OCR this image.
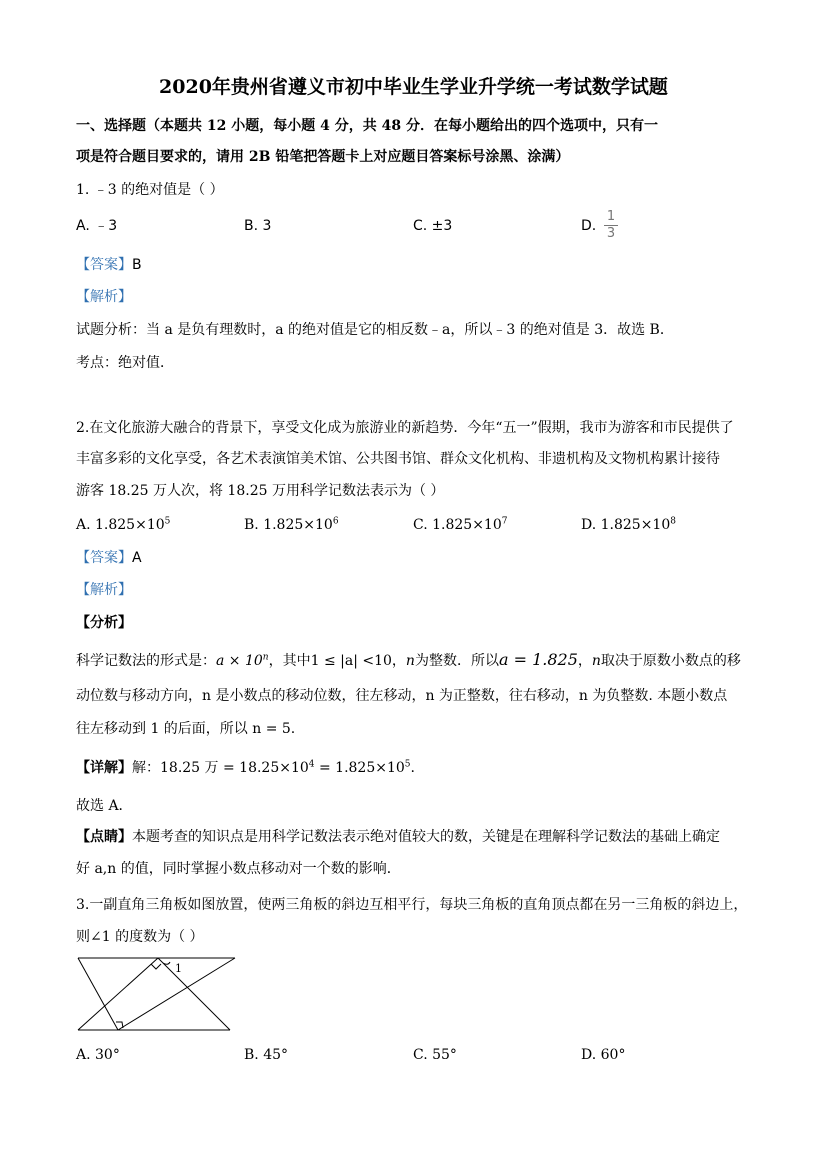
2020年贵州省遵义市初中毕业生学业升学统一考试数学试题
一、选择题（本题共 12 小题，每小题 4 分，共 48 分．在每小题给出的四个选项中，只有一
项是符合题目要求的，请用 2B 铅笔把答题卡上对应题目答案标号涂黑、涂满）
1. ﹣3 的绝对值是（ ）
A. ﹣3	B. 3	C. ±3	D.
1
3
【答案】B
【解析】
试题分析：当 a 是负有理数时，a 的绝对值是它的相反数﹣a，所以﹣3 的绝对值是 3．故选 B．
考点：绝对值．
2.在文化旅游大融合的背景下，享受文化成为旅游业的新趋势．今年“五一”假期，我市为游客和市民提供了
丰富多彩的文化享受，各艺术表演馆美术馆、公共图书馆、群众文化机构、非遗机构及文物机构累计接待
游客 18.25 万人次，将 18.25 万用科学记数法表示为（ ）
A. $1.825\times 10^5$	B. $1.825\times 10^6$	C. $1.825\times 10^7$	D. $1.825\times 10^8$
【答案】A
【解析】
【分析】
科学记数法的形式是：$a \times 10^n$，其中1 ≤ |a| <10，n为整数．所以a = 1.825，n取决于原数小数点的移
动位数与移动方向，n 是小数点的移动位数，往左移动，n 为正整数，往右移动，n 为负整数. 本题小数点
往左移动到 1 的后面，所以 n = 5.
【详解】解：18.25 万 = $18.25\times 10^4 = 1.825\times 10^5$.
故选 A．
【点睛】本题考查的知识点是用科学记数法表示绝对值较大的数，关键是在理解科学记数法的基础上确定
好 a,n 的值，同时掌握小数点移动对一个数的影响．
3.一副直角三角板如图放置，使两三角板的斜边互相平行，每块三角板的直角顶点都在另一三角板的斜边上，
则∠1 的度数为（ ）
1
A. 30°	B. 45°	C. 55°	D. 60°
